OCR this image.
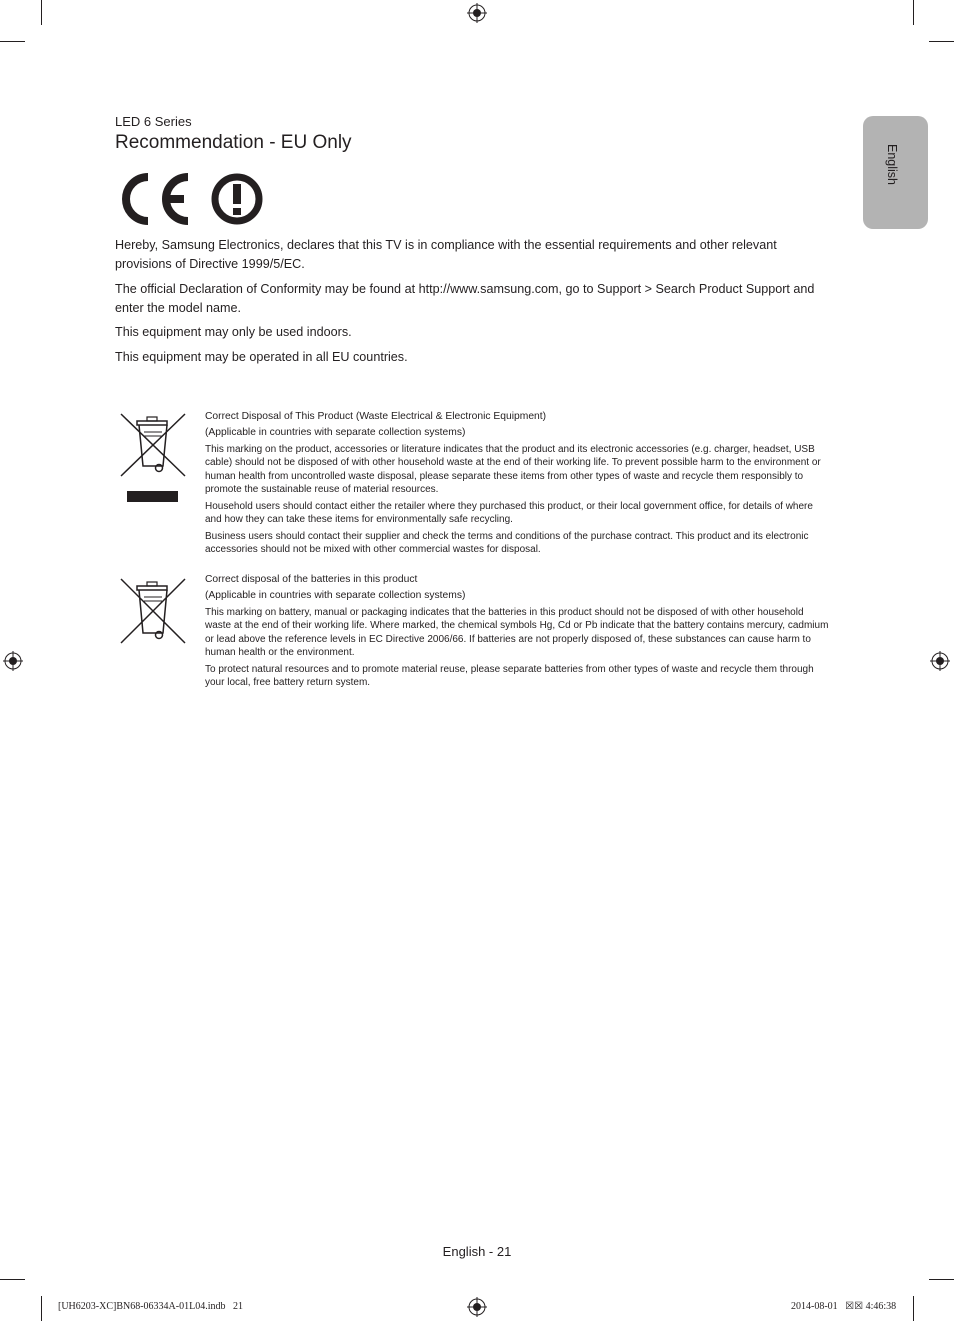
English
LED 6 Series
Recommendation - EU Only
Hereby, Samsung Electronics, declares that this TV is in compliance with the essential requirements and other relevant provisions of Directive 1999/5/EC.
The official Declaration of Conformity may be found at http://www.samsung.com, go to Support > Search Product Support and enter the model name.
This equipment may only be used indoors.
This equipment may be operated in all EU countries.
Correct Disposal of This Product (Waste Electrical & Electronic Equipment)
(Applicable in countries with separate collection systems)
This marking on the product, accessories or literature indicates that the product and its electronic accessories (e.g. charger, headset, USB cable) should not be disposed of with other household waste at the end of their working life. To prevent possible harm to the environment or human health from uncontrolled waste disposal, please separate these items from other types of waste and recycle them responsibly to promote the sustainable reuse of material resources.
Household users should contact either the retailer where they purchased this product, or their local government office, for details of where and how they can take these items for environmentally safe recycling.
Business users should contact their supplier and check the terms and conditions of the purchase contract. This product and its electronic accessories should not be mixed with other commercial wastes for disposal.
Correct disposal of the batteries in this product
(Applicable in countries with separate collection systems)
This marking on battery, manual or packaging indicates that the batteries in this product should not be disposed of with other household waste at the end of their working life. Where marked, the chemical symbols Hg, Cd or Pb indicate that the battery contains mercury, cadmium or lead above the reference levels in EC Directive 2006/66. If batteries are not properly disposed of, these substances can cause harm to human health or the environment.
To protect natural resources and to promote material reuse, please separate batteries from other types of waste and recycle them through your local, free battery return system.
English - 21
[UH6203-XC]BN68-06334A-01L04.indb   21	2014-08-01   ☒☒ 4:46:38
